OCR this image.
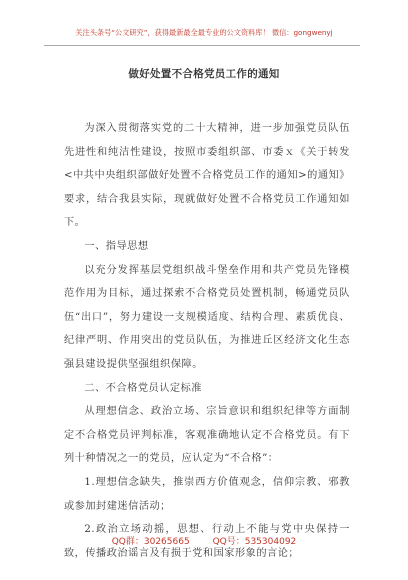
关注头条号“公文研究”，获得最新最全最专业的公文资料库！ 微信：gongwenyj
做好处置不合格党员工作的通知

为深入贯彻落实党的二十大精神，进一步加强党员队伍先进性和纯洁性建设，按照市委组织部、市委ｘ《关于转发<中共中央组织部做好处置不合格党员工作的通知>的通知》要求，结合我县实际，现就做好处置不合格党员工作通知如下。

一、指导思想

以充分发挥基层党组织战斗堡垒作用和共产党员先锋模范作用为目标，通过探索不合格党员处置机制，畅通党员队伍“出口”，努力建设一支规模适度、结构合理、素质优良、纪律严明、作用突出的党员队伍，为推进丘区经济文化生态强县建设提供坚强组织保障。

二、不合格党员认定标准

从理想信念、政治立场、宗旨意识和组织纪律等方面制定不合格党员评判标准，客观准确地认定不合格党员。有下列十种情况之一的党员，应认定为“不合格”：

1.理想信念缺失，推崇西方价值观念，信仰宗教、邪教或参加封建迷信活动；

2.政治立场动摇，思想、行动上不能与党中央保持一致，传播政治谣言及有损于党和国家形象的言论；

QQ群：30265665        QQ号：535304092
